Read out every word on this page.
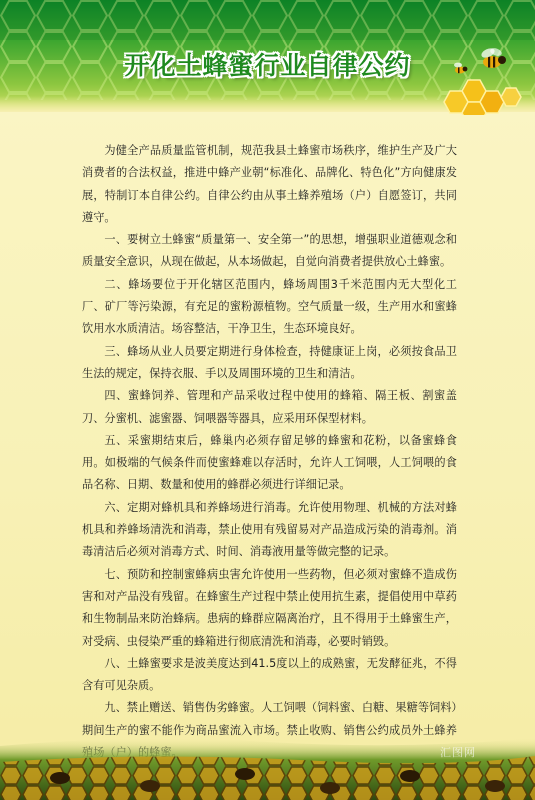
开化土蜂蜜行业自律公约

为健全产品质量监管机制，规范我县土蜂蜜市场秩序，维护生产及广大消费者的合法权益，推进中蜂产业朝“标准化、品牌化、特色化”方向健康发展，特制订本自律公约。自律公约由从事土蜂养殖场（户）自愿签订，共同遵守。

一、要树立土蜂蜜“质量第一、安全第一”的思想，增强职业道德观念和质量安全意识，从现在做起，从本场做起，自觉向消费者提供放心土蜂蜜。

二、蜂场要位于开化辖区范围内，蜂场周围3千米范围内无大型化工厂、矿厂等污染源，有充足的蜜粉源植物。空气质量一级，生产用水和蜜蜂饮用水水质清洁。场容整洁，干净卫生，生态环境良好。

三、蜂场从业人员要定期进行身体检查，持健康证上岗，必须按食品卫生法的规定，保持衣服、手以及周围环境的卫生和清洁。

四、蜜蜂饲养、管理和产品采收过程中使用的蜂箱、隔王板、割蜜盖刀、分蜜机、滤蜜器、饲喂器等器具，应采用环保型材料。

五、采蜜期结束后，蜂巢内必须存留足够的蜂蜜和花粉，以备蜜蜂食用。如极端的气候条件而使蜜蜂难以存活时，允许人工饲喂，人工饲喂的食品名称、日期、数量和使用的蜂群必须进行详细记录。

六、定期对蜂机具和养蜂场进行消毒。允许使用物理、机械的方法对蜂机具和养蜂场清洗和消毒，禁止使用有残留易对产品造成污染的消毒剂。消毒清洁后必须对消毒方式、时间、消毒液用量等做完整的记录。

七、预防和控制蜜蜂病虫害允许使用一些药物，但必须对蜜蜂不造成伤害和对产品没有残留。在蜂蜜生产过程中禁止使用抗生素，提倡使用中草药和生物制品来防治蜂病。患病的蜂群应隔离治疗，且不得用于土蜂蜜生产，对受病、虫侵染严重的蜂箱进行彻底清洗和消毒，必要时销毁。

八、土蜂蜜要求是波美度达到41.5度以上的成熟蜜，无发酵征兆，不得含有可见杂质。

九、禁止赠送、销售伪劣蜂蜜。人工饲喂（饲料蜜、白糖、果糖等饲料）期间生产的蜜不能作为商品蜜流入市场。禁止收购、销售公约成员外土蜂养

汇图网
